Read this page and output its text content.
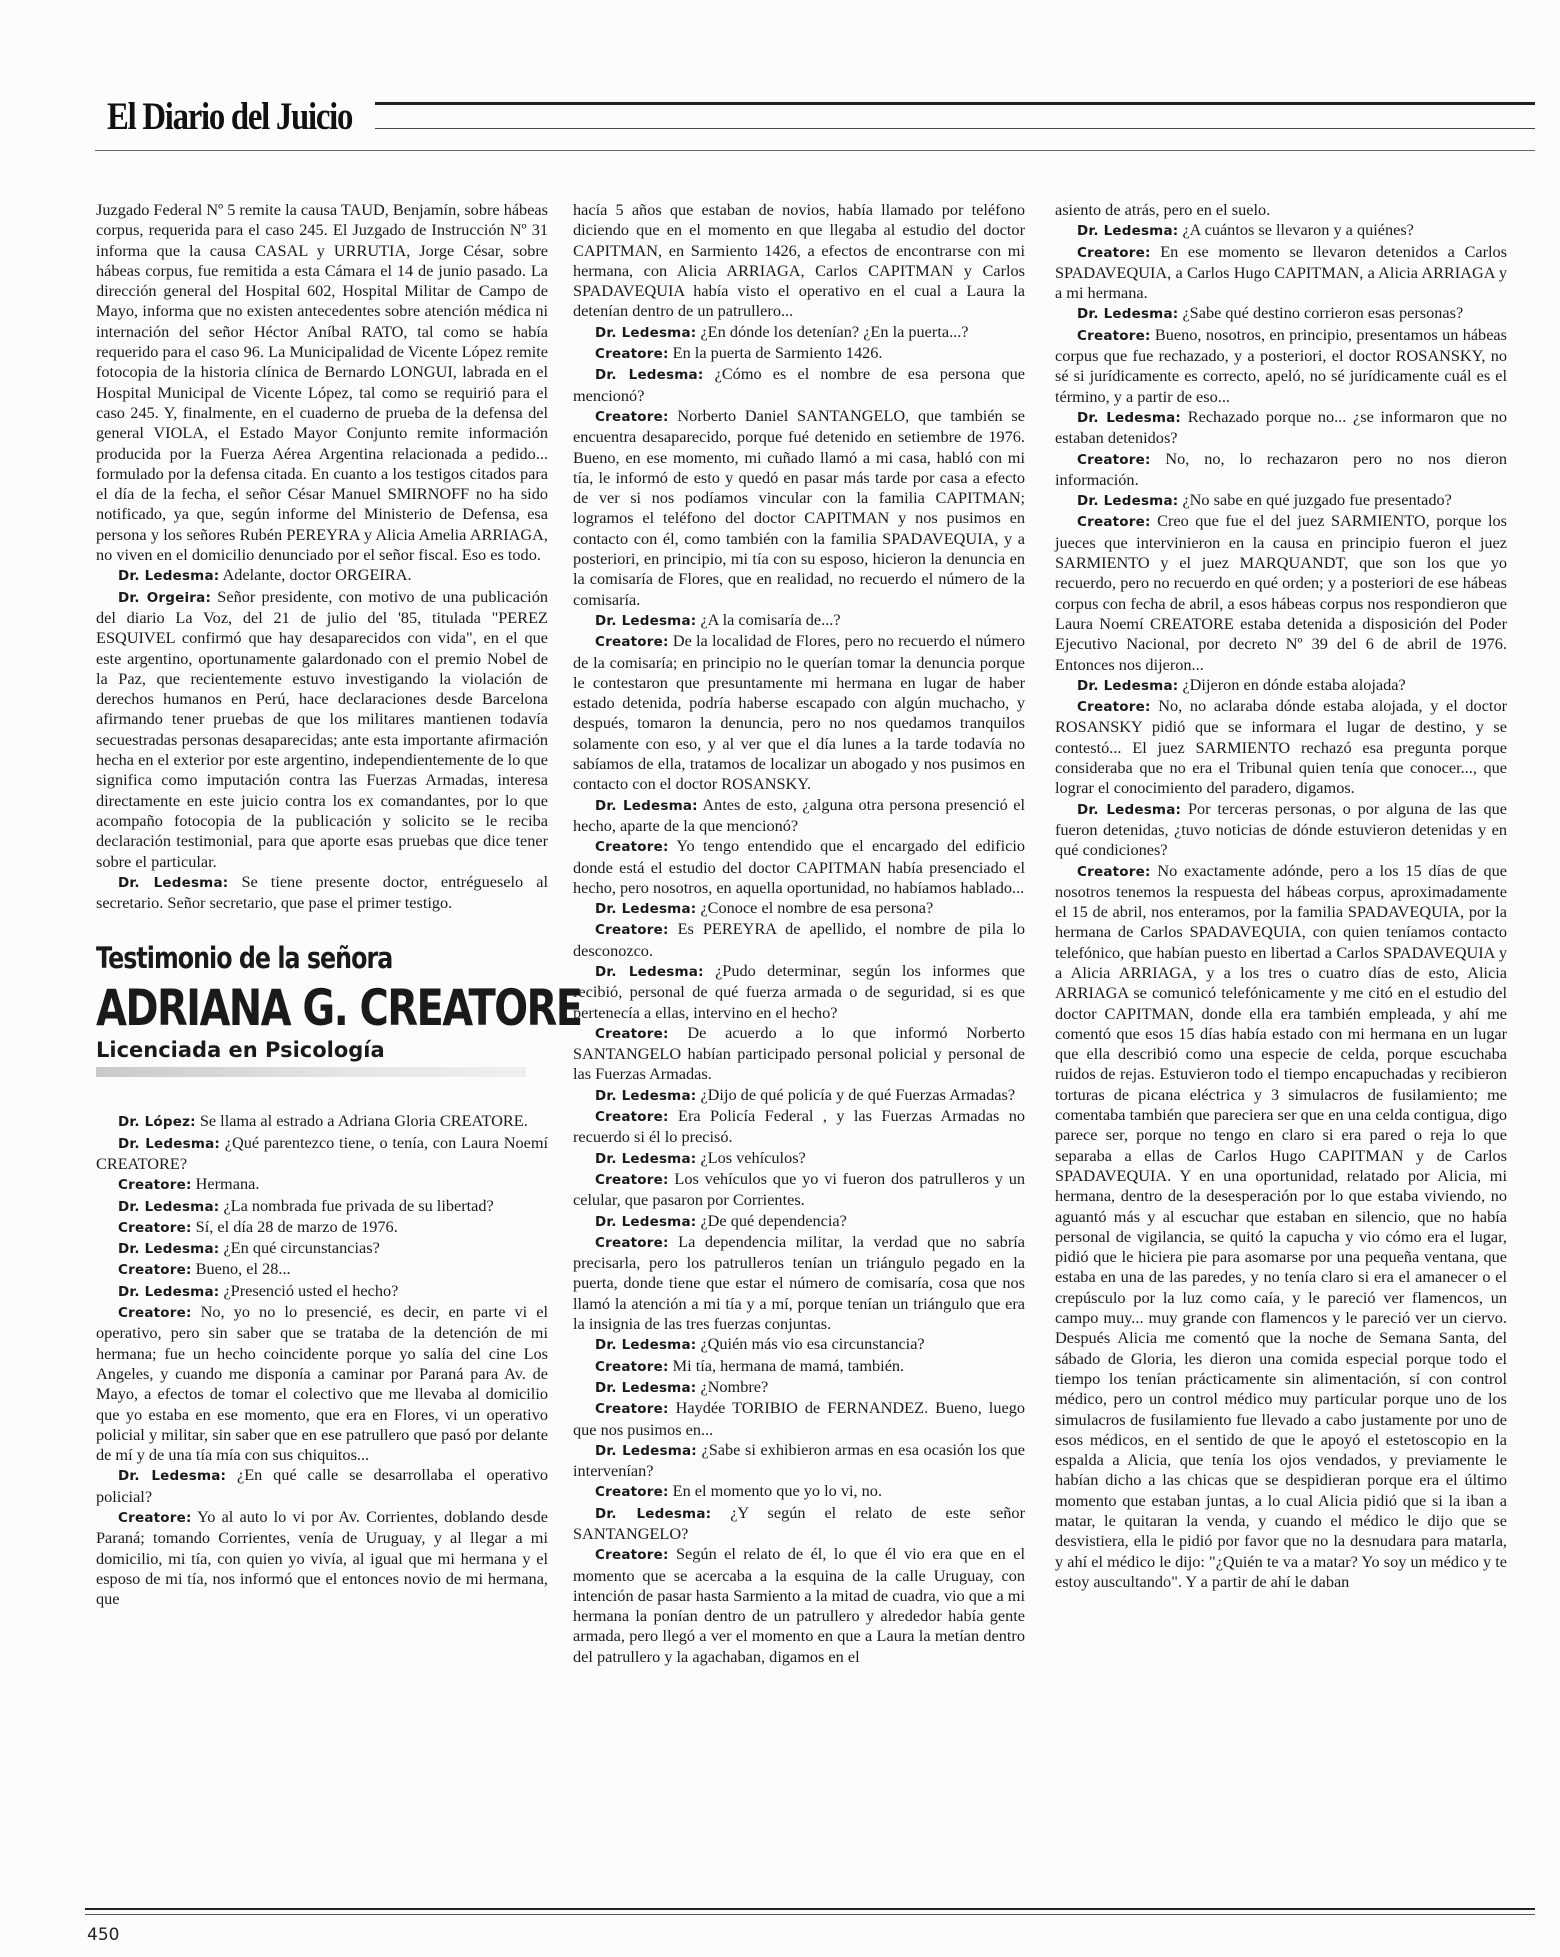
El Diario del Juicio

Juzgado Federal Nº 5 remite la causa TAUD, Benjamín, sobre hábeas corpus, requerida para el caso 245. El Juzgado de Instrucción Nº 31 informa que la causa CASAL y URRUTIA, Jorge César, sobre hábeas corpus, fue remitida a esta Cámara el 14 de junio pasado. La dirección general del Hospital 602, Hospital Militar de Campo de Mayo, informa que no existen antecedentes sobre atención médica ni internación del señor Héctor Aníbal RATO, tal como se había requerido para el caso 96. La Municipalidad de Vicente López remite fotocopia de la historia clínica de Bernardo LONGUI, labrada en el Hospital Municipal de Vicente López, tal como se requirió para el caso 245. Y, finalmente, en el cuaderno de prueba de la defensa del general VIOLA, el Estado Mayor Conjunto remite información producida por la Fuerza Aérea Argentina relacionada a pedido... formulado por la defensa citada. En cuanto a los testigos citados para el día de la fecha, el señor César Manuel SMIRNOFF no ha sido notificado, ya que, según informe del Ministerio de Defensa, esa persona y los señores Rubén PEREYRA y Alicia Amelia ARRIAGA, no viven en el domicilio denunciado por el señor fiscal. Eso es todo.

Dr. Ledesma: Adelante, doctor ORGEIRA.

Dr. Orgeira: Señor presidente, con motivo de una publicación del diario La Voz, del 21 de julio del '85, titulada "PEREZ ESQUIVEL confirmó que hay desaparecidos con vida", en el que este argentino, oportunamente galardonado con el premio Nobel de la Paz, que recientemente estuvo investigando la violación de derechos humanos en Perú, hace declaraciones desde Barcelona afirmando tener pruebas de que los militares mantienen todavía secuestradas personas desaparecidas; ante esta importante afirmación hecha en el exterior por este argentino, independientemente de lo que significa como imputación contra las Fuerzas Armadas, interesa directamente en este juicio contra los ex comandantes, por lo que acompaño fotocopia de la publicación y solicito se le reciba declaración testimonial, para que aporte esas pruebas que dice tener sobre el particular.

Dr. Ledesma: Se tiene presente doctor, entrégueselo al secretario. Señor secretario, que pase el primer testigo.

Testimonio de la señora
ADRIANA G. CREATORE
Licenciada en Psicología

Dr. López: Se llama al estrado a Adriana Gloria CREATORE.

Dr. Ledesma: ¿Qué parentezco tiene, o tenía, con Laura Noemí CREATORE?

Creatore: Hermana.

Dr. Ledesma: ¿La nombrada fue privada de su libertad?

Creatore: Sí, el día 28 de marzo de 1976.

Dr. Ledesma: ¿En qué circunstancias?

Creatore: Bueno, el 28...

Dr. Ledesma: ¿Presenció usted el hecho?

Creatore: No, yo no lo presencié, es decir, en parte vi el operativo, pero sin saber que se trataba de la detención de mi hermana; fue un hecho coincidente porque yo salía del cine Los Angeles, y cuando me disponía a caminar por Paraná para Av. de Mayo, a efectos de tomar el colectivo que me llevaba al domicilio que yo estaba en ese momento, que era en Flores, vi un operativo policial y militar, sin saber que en ese patrullero que pasó por delante de mí y de una tía mía con sus chiquitos...

Dr. Ledesma: ¿En qué calle se desarrollaba el operativo policial?

Creatore: Yo al auto lo vi por Av. Corrientes, doblando desde Paraná; tomando Corrientes, venía de Uruguay, y al llegar a mi domicilio, mi tía, con quien yo vivía, al igual que mi hermana y el esposo de mi tía, nos informó que el entonces novio de mi hermana, que

hacía 5 años que estaban de novios, había llamado por teléfono diciendo que en el momento en que llegaba al estudio del doctor CAPITMAN, en Sarmiento 1426, a efectos de encontrarse con mi hermana, con Alicia ARRIAGA, Carlos CAPITMAN y Carlos SPADAVEQUIA había visto el operativo en el cual a Laura la detenían dentro de un patrullero...

Dr. Ledesma: ¿En dónde los detenían? ¿En la puerta...?

Creatore: En la puerta de Sarmiento 1426.

Dr. Ledesma: ¿Cómo es el nombre de esa persona que mencionó?

Creatore: Norberto Daniel SANTANGELO, que también se encuentra desaparecido, porque fué detenido en setiembre de 1976. Bueno, en ese momento, mi cuñado llamó a mi casa, habló con mi tía, le informó de esto y quedó en pasar más tarde por casa a efecto de ver si nos podíamos vincular con la familia CAPITMAN; logramos el teléfono del doctor CAPITMAN y nos pusimos en contacto con él, como también con la familia SPADAVEQUIA, y a posteriori, en principio, mi tía con su esposo, hicieron la denuncia en la comisaría de Flores, que en realidad, no recuerdo el número de la comisaría.

Dr. Ledesma: ¿A la comisaría de...?

Creatore: De la localidad de Flores, pero no recuerdo el número de la comisaría; en principio no le querían tomar la denuncia porque le contestaron que presuntamente mi hermana en lugar de haber estado detenida, podría haberse escapado con algún muchacho, y después, tomaron la denuncia, pero no nos quedamos tranquilos solamente con eso, y al ver que el día lunes a la tarde todavía no sabíamos de ella, tratamos de localizar un abogado y nos pusimos en contacto con el doctor ROSANSKY.

Dr. Ledesma: Antes de esto, ¿alguna otra persona presenció el hecho, aparte de la que mencionó?

Creatore: Yo tengo entendido que el encargado del edificio donde está el estudio del doctor CAPITMAN había presenciado el hecho, pero nosotros, en aquella oportunidad, no habíamos hablado...

Dr. Ledesma: ¿Conoce el nombre de esa persona?

Creatore: Es PEREYRA de apellido, el nombre de pila lo desconozco.

Dr. Ledesma: ¿Pudo determinar, según los informes que recibió, personal de qué fuerza armada o de seguridad, si es que pertenecía a ellas, intervino en el hecho?

Creatore: De acuerdo a lo que informó Norberto SANTANGELO habían participado personal policial y personal de las Fuerzas Armadas.

Dr. Ledesma: ¿Dijo de qué policía y de qué Fuerzas Armadas?

Creatore: Era Policía Federal , y las Fuerzas Armadas no recuerdo si él lo precisó.

Dr. Ledesma: ¿Los vehículos?

Creatore: Los vehículos que yo vi fueron dos patrulleros y un celular, que pasaron por Corrientes.

Dr. Ledesma: ¿De qué dependencia?

Creatore: La dependencia militar, la verdad que no sabría precisarla, pero los patrulleros tenían un triángulo pegado en la puerta, donde tiene que estar el número de comisaría, cosa que nos llamó la atención a mi tía y a mí, porque tenían un triángulo que era la insignia de las tres fuerzas conjuntas.

Dr. Ledesma: ¿Quién más vio esa circunstancia?

Creatore: Mi tía, hermana de mamá, también.

Dr. Ledesma: ¿Nombre?

Creatore: Haydée TORIBIO de FERNANDEZ. Bueno, luego que nos pusimos en...

Dr. Ledesma: ¿Sabe si exhibieron armas en esa ocasión los que intervenían?

Creatore: En el momento que yo lo vi, no.

Dr. Ledesma: ¿Y según el relato de este señor SANTANGELO?

Creatore: Según el relato de él, lo que él vio era que en el momento que se acercaba a la esquina de la calle Uruguay, con intención de pasar hasta Sarmiento a la mitad de cuadra, vio que a mi hermana la ponían dentro de un patrullero y alrededor había gente armada, pero llegó a ver el momento en que a Laura la metían dentro del patrullero y la agachaban, digamos en el

asiento de atrás, pero en el suelo.

Dr. Ledesma: ¿A cuántos se llevaron y a quiénes?

Creatore: En ese momento se llevaron detenidos a Carlos SPADAVEQUIA, a Carlos Hugo CAPITMAN, a Alicia ARRIAGA y a mi hermana.

Dr. Ledesma: ¿Sabe qué destino corrieron esas personas?

Creatore: Bueno, nosotros, en principio, presentamos un hábeas corpus que fue rechazado, y a posteriori, el doctor ROSANSKY, no sé si jurídicamente es correcto, apeló, no sé jurídicamente cuál es el término, y a partir de eso...

Dr. Ledesma: Rechazado porque no... ¿se informaron que no estaban detenidos?

Creatore: No, no, lo rechazaron pero no nos dieron información.

Dr. Ledesma: ¿No sabe en qué juzgado fue presentado?

Creatore: Creo que fue el del juez SARMIENTO, porque los jueces que intervinieron en la causa en principio fueron el juez SARMIENTO y el juez MARQUANDT, que son los que yo recuerdo, pero no recuerdo en qué orden; y a posteriori de ese hábeas corpus con fecha de abril, a esos hábeas corpus nos respondieron que Laura Noemí CREATORE estaba detenida a disposición del Poder Ejecutivo Nacional, por decreto Nº 39 del 6 de abril de 1976. Entonces nos dijeron...

Dr. Ledesma: ¿Dijeron en dónde estaba alojada?

Creatore: No, no aclaraba dónde estaba alojada, y el doctor ROSANSKY pidió que se informara el lugar de destino, y se contestó... El juez SARMIENTO rechazó esa pregunta porque consideraba que no era el Tribunal quien tenía que conocer..., que lograr el conocimiento del paradero, digamos.

Dr. Ledesma: Por terceras personas, o por alguna de las que fueron detenidas, ¿tuvo noticias de dónde estuvieron detenidas y en qué condiciones?

Creatore: No exactamente adónde, pero a los 15 días de que nosotros tenemos la respuesta del hábeas corpus, aproximadamente el 15 de abril, nos enteramos, por la familia SPADAVEQUIA, por la hermana de Carlos SPADAVEQUIA, con quien teníamos contacto telefónico, que habían puesto en libertad a Carlos SPADAVEQUIA y a Alicia ARRIAGA, y a los tres o cuatro días de esto, Alicia ARRIAGA se comunicó telefónicamente y me citó en el estudio del doctor CAPITMAN, donde ella era también empleada, y ahí me comentó que esos 15 días había estado con mi hermana en un lugar que ella describió como una especie de celda, porque escuchaba ruidos de rejas. Estuvieron todo el tiempo encapuchadas y recibieron torturas de picana eléctrica y 3 simulacros de fusilamiento; me comentaba también que pareciera ser que en una celda contigua, digo parece ser, porque no tengo en claro si era pared o reja lo que separaba a ellas de Carlos Hugo CAPITMAN y de Carlos SPADAVEQUIA. Y en una oportunidad, relatado por Alicia, mi hermana, dentro de la desesperación por lo que estaba viviendo, no aguantó más y al escuchar que estaban en silencio, que no había personal de vigilancia, se quitó la capucha y vio cómo era el lugar, pidió que le hiciera pie para asomarse por una pequeña ventana, que estaba en una de las paredes, y no tenía claro si era el amanecer o el crepúsculo por la luz como caía, y le pareció ver flamencos, un campo muy... muy grande con flamencos y le pareció ver un ciervo. Después Alicia me comentó que la noche de Semana Santa, del sábado de Gloria, les dieron una comida especial porque todo el tiempo los tenían prácticamente sin alimentación, sí con control médico, pero un control médico muy particular porque uno de los simulacros de fusilamiento fue llevado a cabo justamente por uno de esos médicos, en el sentido de que le apoyó el estetoscopio en la espalda a Alicia, que tenía los ojos vendados, y previamente le habían dicho a las chicas que se despidieran porque era el último momento que estaban juntas, a lo cual Alicia pidió que si la iban a matar, le quitaran la venda, y cuando el médico le dijo que se desvistiera, ella le pidió por favor que no la desnudara para matarla, y ahí el médico le dijo: "¿Quién te va a matar? Yo soy un médico y te estoy auscultando". Y a partir de ahí le daban

450
